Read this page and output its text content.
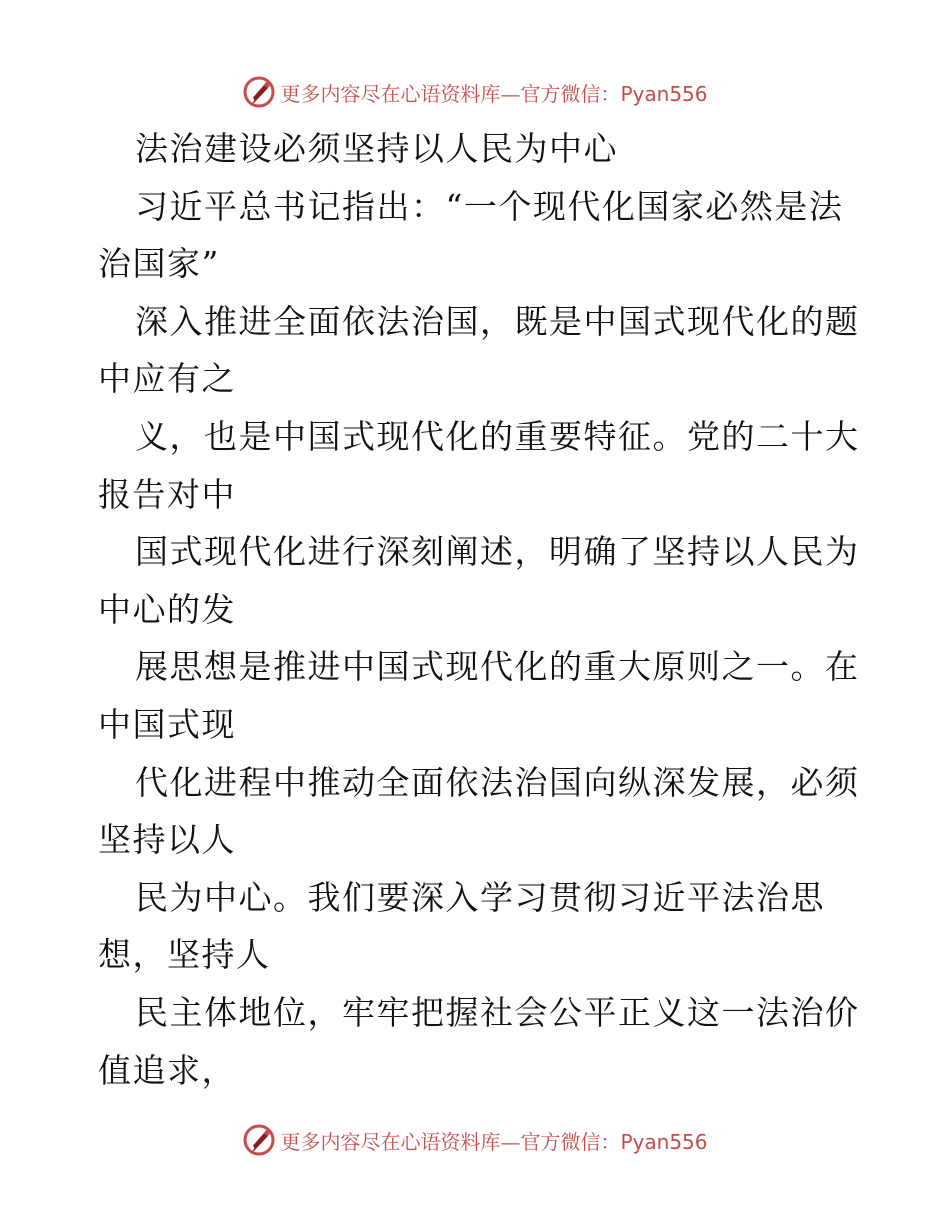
更多内容尽在心语资料库—官方微信：Pyan556
法治建设必须坚持以人民为中心
习近平总书记指出：“一个现代化国家必然是法
治国家”
深入推进全面依法治国，既是中国式现代化的题
中应有之
义，也是中国式现代化的重要特征。党的二十大
报告对中
国式现代化进行深刻阐述，明确了坚持以人民为
中心的发
展思想是推进中国式现代化的重大原则之一。在
中国式现
代化进程中推动全面依法治国向纵深发展，必须
坚持以人
民为中心。我们要深入学习贯彻习近平法治思
想，坚持人
民主体地位，牢牢把握社会公平正义这一法治价
值追求，
更多内容尽在心语资料库—官方微信：Pyan556
